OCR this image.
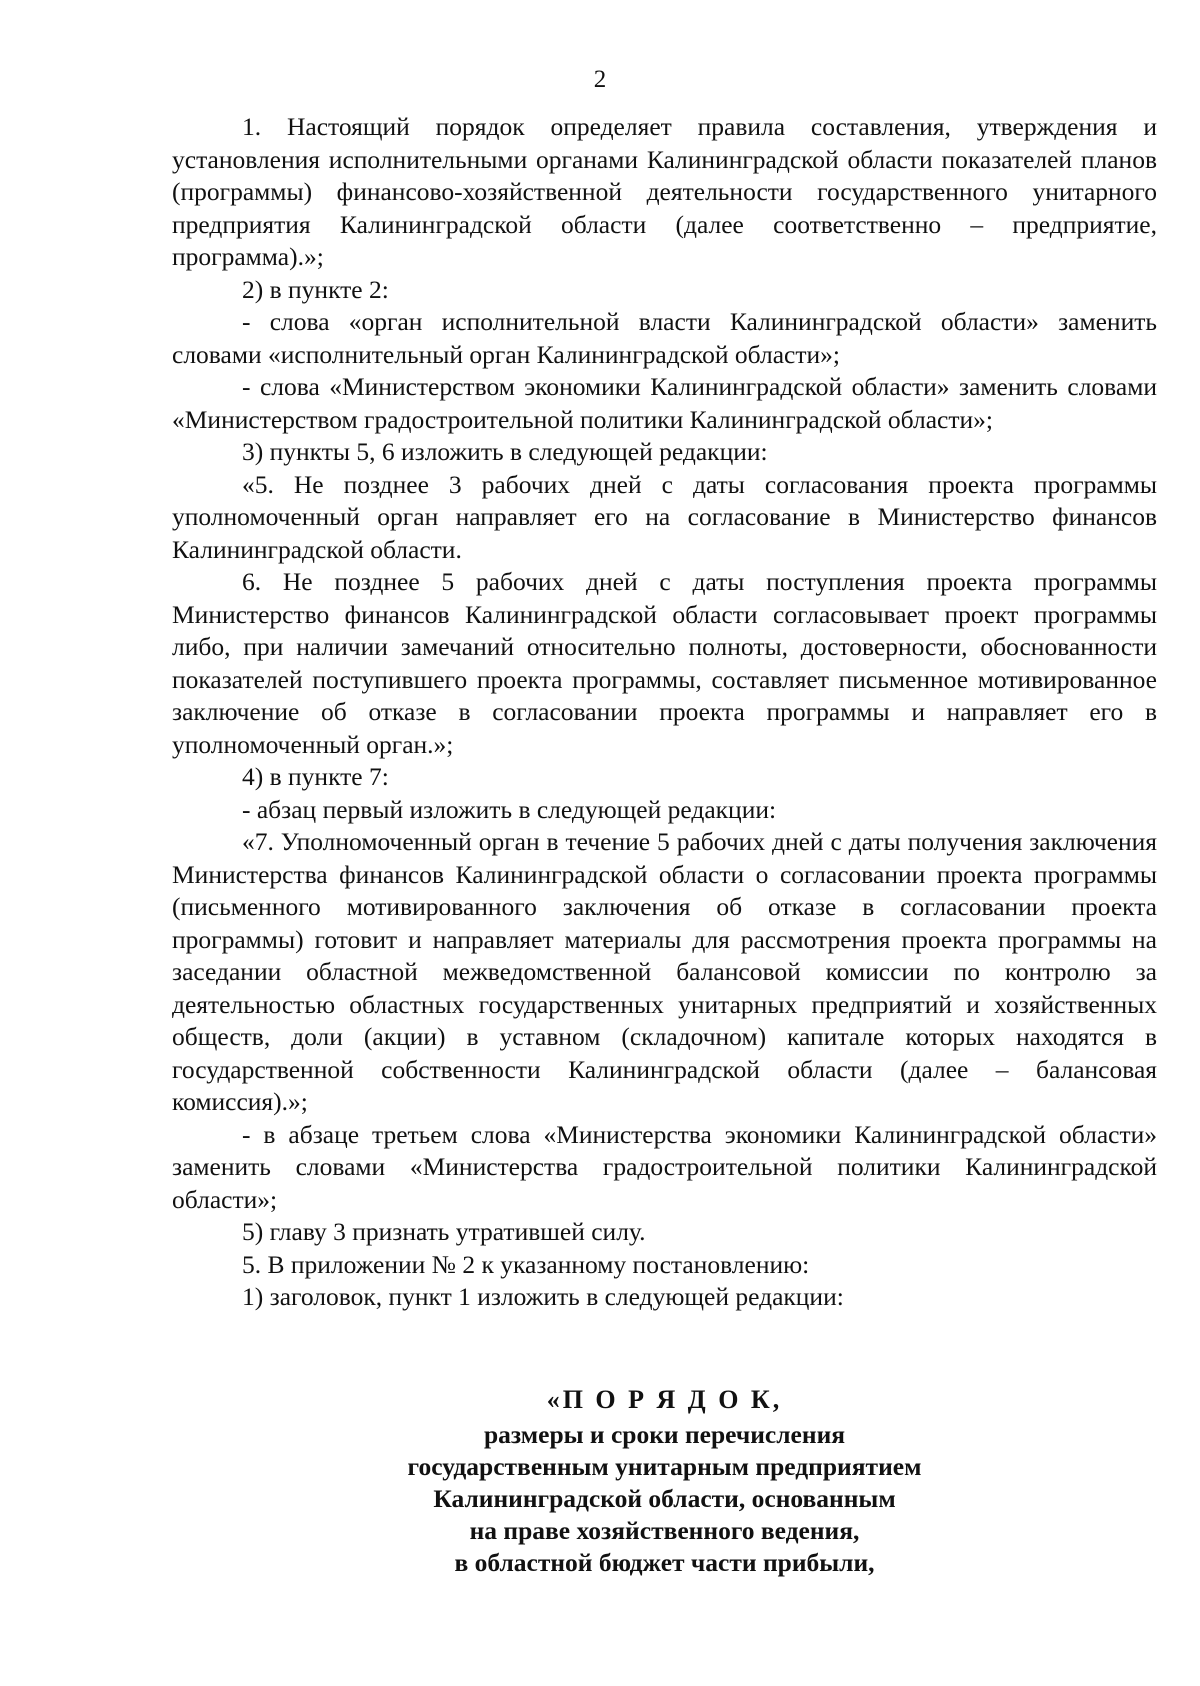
2

1. Настоящий порядок определяет правила составления, утверждения и установления исполнительными органами Калининградской области показателей планов (программы) финансово-хозяйственной деятельности государственного унитарного предприятия Калининградской области (далее соответственно – предприятие, программа).»;

2) в пункте 2:

- слова «орган исполнительной власти Калининградской области» заменить словами «исполнительный орган Калининградской области»;

- слова «Министерством экономики Калининградской области» заменить словами «Министерством градостроительной политики Калининградской области»;

3) пункты 5, 6 изложить в следующей редакции:

«5. Не позднее 3 рабочих дней с даты согласования проекта программы уполномоченный орган направляет его на согласование в Министерство финансов Калининградской области.

6. Не позднее 5 рабочих дней с даты поступления проекта программы Министерство финансов Калининградской области согласовывает проект программы либо, при наличии замечаний относительно полноты, достоверности, обоснованности показателей поступившего проекта программы, составляет письменное мотивированное заключение об отказе в согласовании проекта программы и направляет его в уполномоченный орган.»;

4) в пункте 7:

- абзац первый изложить в следующей редакции:

«7. Уполномоченный орган в течение 5 рабочих дней с даты получения заключения Министерства финансов Калининградской области о согласовании проекта программы (письменного мотивированного заключения об отказе в согласовании проекта программы) готовит и направляет материалы для рассмотрения проекта программы на заседании областной межведомственной балансовой комиссии по контролю за деятельностью областных государственных унитарных предприятий и хозяйственных обществ, доли (акции) в уставном (складочном) капитале которых находятся в государственной собственности Калининградской области (далее – балансовая комиссия).»;

- в абзаце третьем слова «Министерства экономики Калининградской области» заменить словами «Министерства градостроительной политики Калининградской области»;

5) главу 3 признать утратившей силу.

5. В приложении № 2 к указанному постановлению:

1) заголовок, пункт 1 изложить в следующей редакции:

«П О Р Я Д О К,
размеры и сроки перечисления
государственным унитарным предприятием
Калининградской области, основанным
на праве хозяйственного ведения,
в областной бюджет части прибыли,
